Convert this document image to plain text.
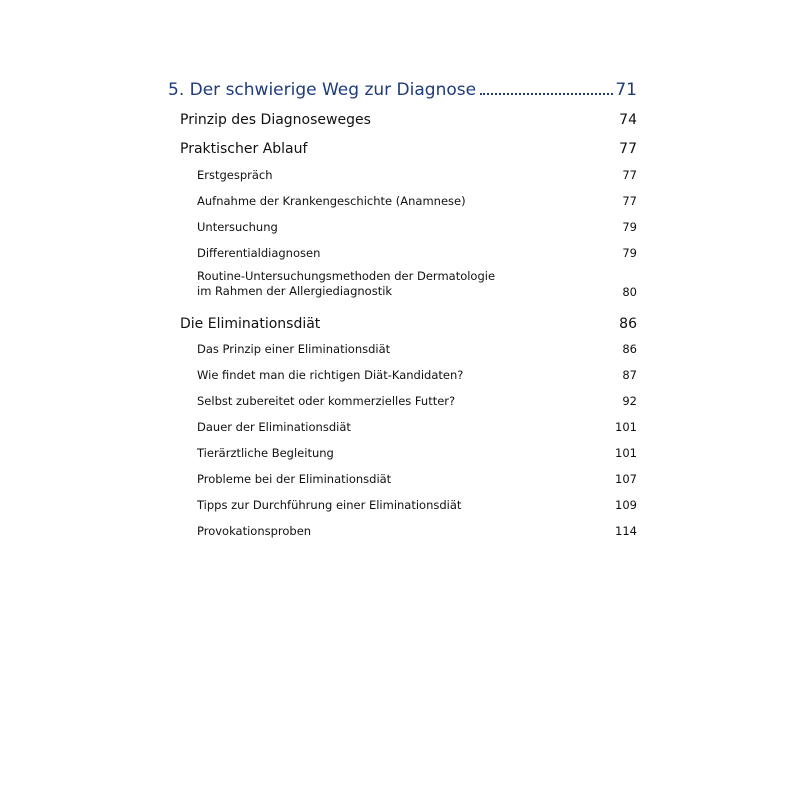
5. Der schwierige Weg zur Diagnose	71
Prinzip des Diagnoseweges	74
Praktischer Ablauf	77
Erstgespräch	77
Aufnahme der Krankengeschichte (Anamnese)	77
Untersuchung	79
Differentialdiagnosen	79
Routine-Untersuchungsmethoden der Dermatologie
im Rahmen der Allergiediagnostik	80
Die Eliminationsdiät	86
Das Prinzip einer Eliminationsdiät	86
Wie findet man die richtigen Diät-Kandidaten?	87
Selbst zubereitet oder kommerzielles Futter?	92
Dauer der Eliminationsdiät	101
Tierärztliche Begleitung	101
Probleme bei der Eliminationsdiät	107
Tipps zur Durchführung einer Eliminationsdiät	109
Provokationsproben	114
